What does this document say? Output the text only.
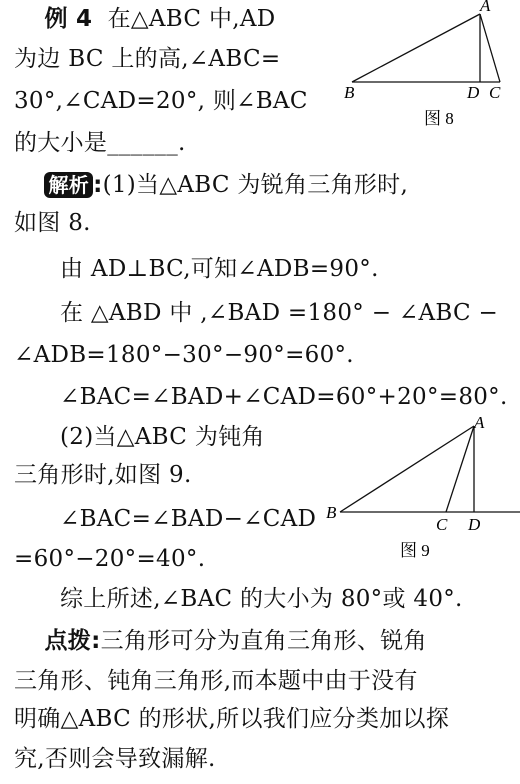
例 4 在△ABC 中,AD
为边 BC 上的高,∠ABC=
30°,∠CAD=20°, 则∠BAC
的大小是______.
A
B	D C
图 8
解析 :(1)当△ABC 为锐角三角形时,
如图 8.
由 AD⊥BC,可知∠ADB=90°.
在 △ABD 中 ,∠BAD =180° − ∠ABC −
∠ADB=180°−30°−90°=60°.
∠BAC=∠BAD+∠CAD=60°+20°=80°.
(2)当△ABC 为钝角
三角形时,如图 9.
∠BAC=∠BAD−∠CAD
=60°−20°=40°.
A
B
C D
图 9
综上所述,∠BAC 的大小为 80°或 40°.
点拨:三角形可分为直角三角形、锐角
三角形、钝角三角形,而本题中由于没有
明确△ABC 的形状,所以我们应分类加以探
究,否则会导致漏解.
